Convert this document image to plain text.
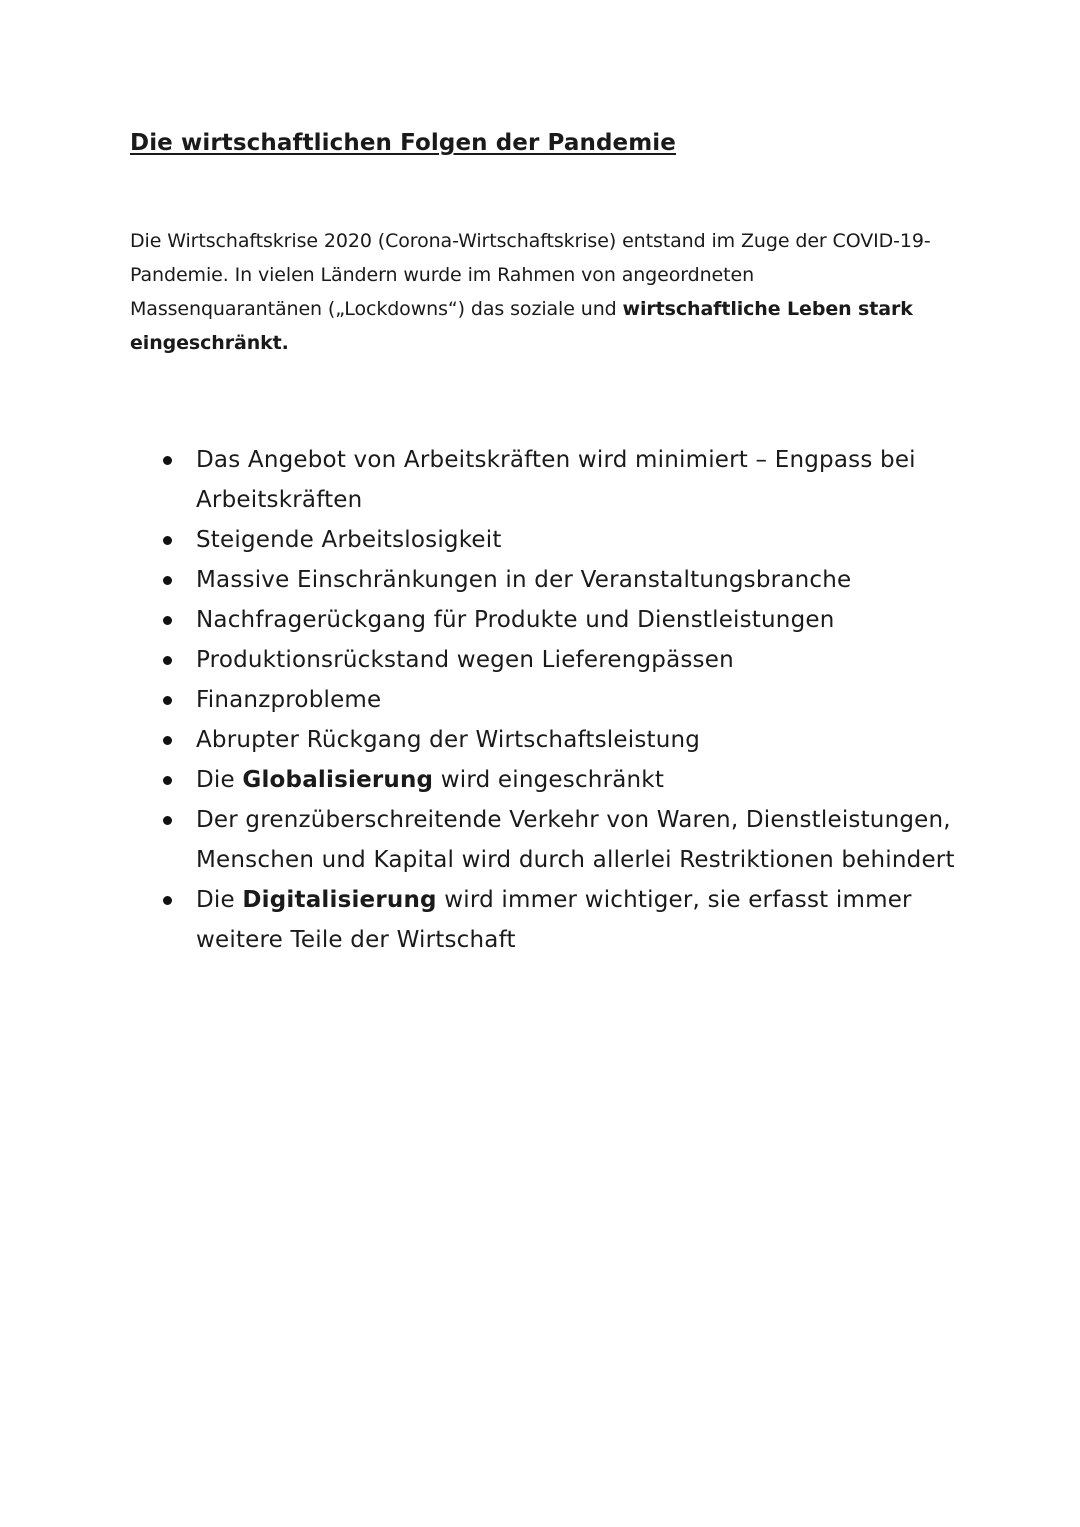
Die wirtschaftlichen Folgen der Pandemie

Die Wirtschaftskrise 2020 (Corona-Wirtschaftskrise) entstand im Zuge der COVID-19-Pandemie. In vielen Ländern wurde im Rahmen von angeordneten Massenquarantänen („Lockdowns“) das soziale und wirtschaftliche Leben stark eingeschränkt.

Das Angebot von Arbeitskräften wird minimiert – Engpass bei Arbeitskräften
Steigende Arbeitslosigkeit
Massive Einschränkungen in der Veranstaltungsbranche
Nachfragerückgang für Produkte und Dienstleistungen
Produktionsrückstand wegen Lieferengpässen
Finanzprobleme
Abrupter Rückgang der Wirtschaftsleistung
Die Globalisierung wird eingeschränkt
Der grenzüberschreitende Verkehr von Waren, Dienstleistungen, Menschen und Kapital wird durch allerlei Restriktionen behindert
Die Digitalisierung wird immer wichtiger, sie erfasst immer weitere Teile der Wirtschaft
